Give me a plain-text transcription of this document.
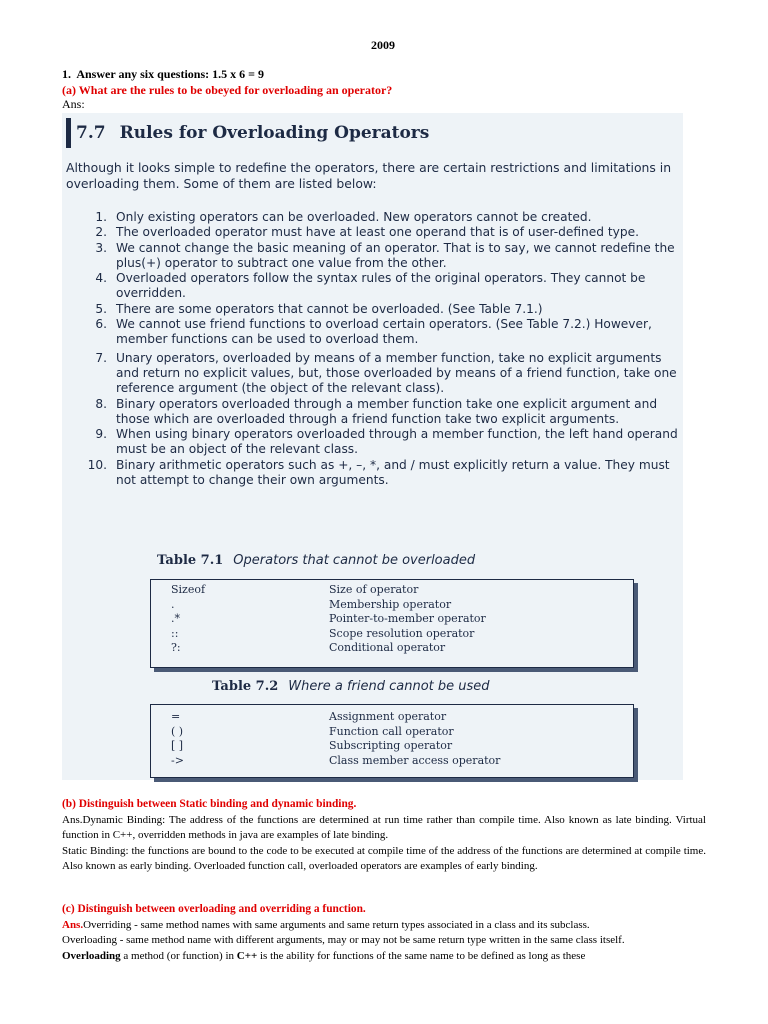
2009
1. Answer any six questions: 1.5 x 6 = 9
(a) What are the rules to be obeyed for overloading an operator?
Ans:
7.7 Rules for Overloading Operators
Although it looks simple to redefine the operators, there are certain restrictions and limitations in overloading them. Some of them are listed below:
1. Only existing operators can be overloaded. New operators cannot be created.
2. The overloaded operator must have at least one operand that is of user-defined type.
3. We cannot change the basic meaning of an operator. That is to say, we cannot redefine the plus(+) operator to subtract one value from the other.
4. Overloaded operators follow the syntax rules of the original operators. They cannot be overridden.
5. There are some operators that cannot be overloaded. (See Table 7.1.)
6. We cannot use friend functions to overload certain operators. (See Table 7.2.) However, member functions can be used to overload them.
7. Unary operators, overloaded by means of a member function, take no explicit arguments and return no explicit values, but, those overloaded by means of a friend function, take one reference argument (the object of the relevant class).
8. Binary operators overloaded through a member function take one explicit argument and those which are overloaded through a friend function take two explicit arguments.
9. When using binary operators overloaded through a member function, the left hand operand must be an object of the relevant class.
10. Binary arithmetic operators such as +, –, *, and / must explicitly return a value. They must not attempt to change their own arguments.
Table 7.1 Operators that cannot be overloaded
Sizeof	Size of operator
.	Membership operator
.*	Pointer-to-member operator
::	Scope resolution operator
?:	Conditional operator
Table 7.2 Where a friend cannot be used
=	Assignment operator
( )	Function call operator
[ ]	Subscripting operator
->	Class member access operator
(b) Distinguish between Static binding and dynamic binding.

Ans.Dynamic Binding: The address of the functions are determined at run time rather than compile time. Also known as late binding. Virtual function in C++, overridden methods in java are examples of late binding.

Static Binding: the functions are bound to the code to be executed at compile time of the address of the functions are determined at compile time. Also known as early binding. Overloaded function call, overloaded operators are examples of early binding.

(c) Distinguish between overloading and overriding a function.

Ans.Overriding - same method names with same arguments and same return types associated in a class and its subclass.

Overloading - same method name with different arguments, may or may not be same return type written in the same class itself.

Overloading a method (or function) in C++ is the ability for functions of the same name to be defined as long as these
